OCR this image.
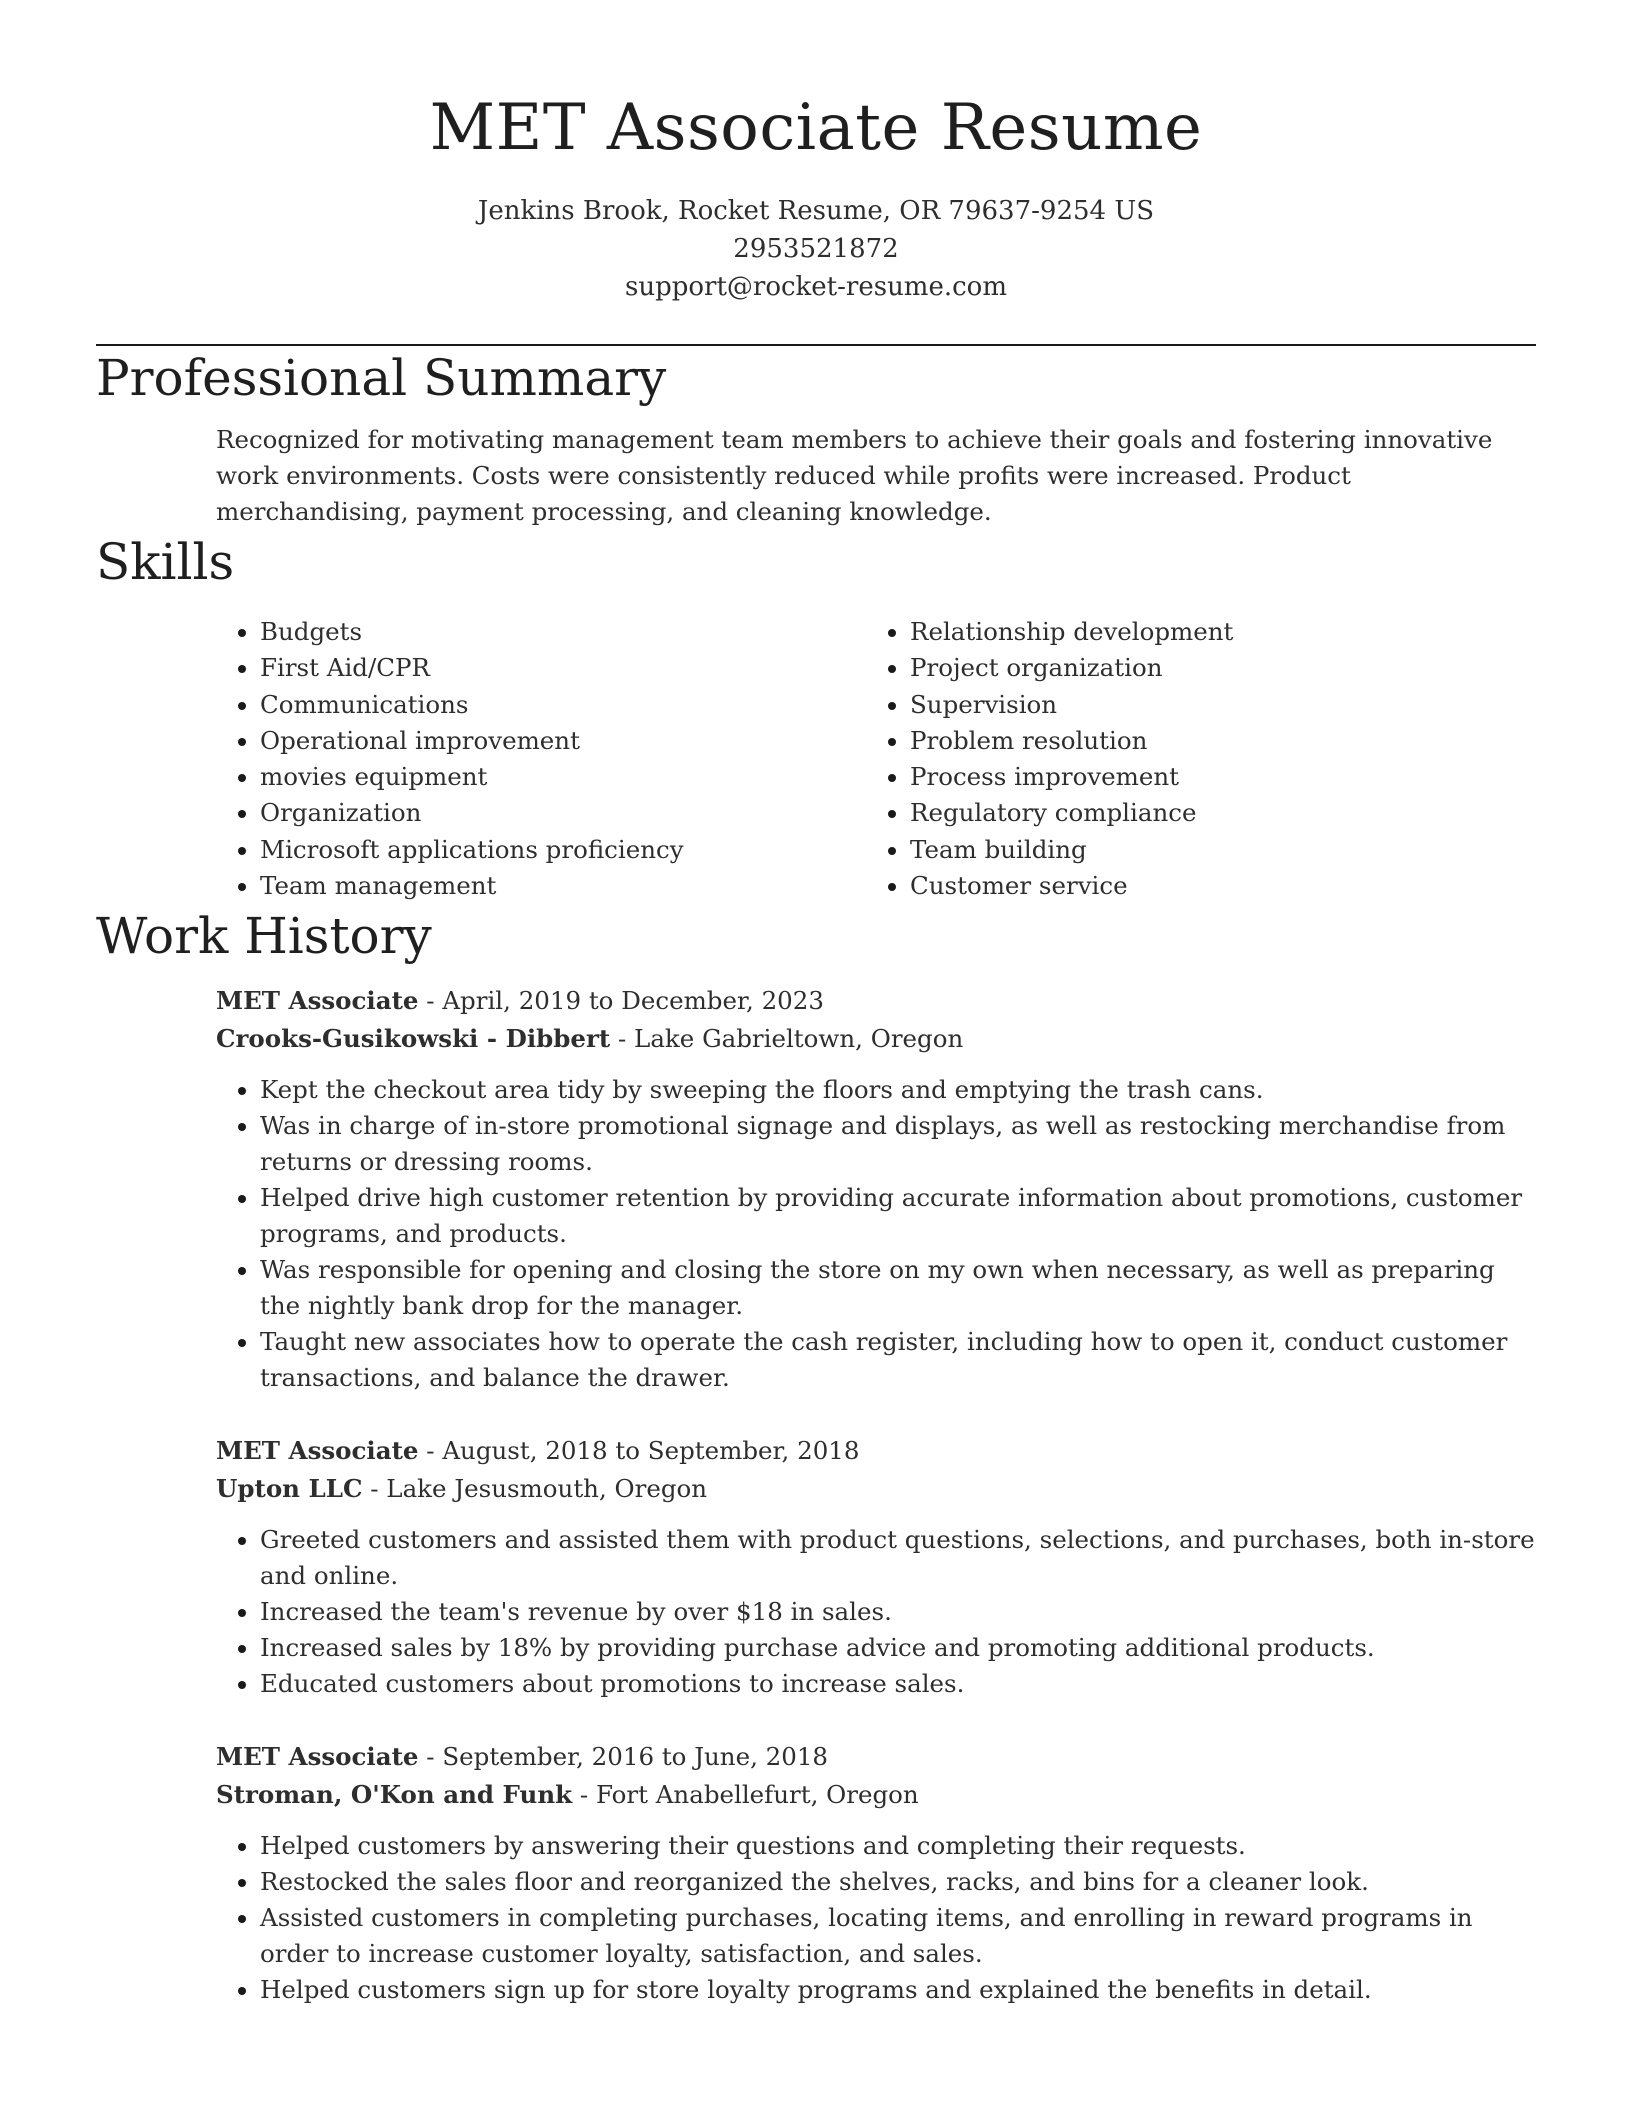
MET Associate Resume
Jenkins Brook, Rocket Resume, OR 79637-9254 US
2953521872
support@rocket-resume.com
Professional Summary
Recognized for motivating management team members to achieve their goals and fostering innovative work environments. Costs were consistently reduced while profits were increased. Product merchandising, payment processing, and cleaning knowledge.
Skills
• Budgets
• First Aid/CPR
• Communications
• Operational improvement
• movies equipment
• Organization
• Microsoft applications proficiency
• Team management
• Relationship development
• Project organization
• Supervision
• Problem resolution
• Process improvement
• Regulatory compliance
• Team building
• Customer service
Work History
MET Associate - April, 2019 to December, 2023
Crooks-Gusikowski - Dibbert - Lake Gabrieltown, Oregon
• Kept the checkout area tidy by sweeping the floors and emptying the trash cans.
• Was in charge of in-store promotional signage and displays, as well as restocking merchandise from returns or dressing rooms.
• Helped drive high customer retention by providing accurate information about promotions, customer programs, and products.
• Was responsible for opening and closing the store on my own when necessary, as well as preparing the nightly bank drop for the manager.
• Taught new associates how to operate the cash register, including how to open it, conduct customer transactions, and balance the drawer.
MET Associate - August, 2018 to September, 2018
Upton LLC - Lake Jesusmouth, Oregon
• Greeted customers and assisted them with product questions, selections, and purchases, both in-store and online.
• Increased the team's revenue by over $18 in sales.
• Increased sales by 18% by providing purchase advice and promoting additional products.
• Educated customers about promotions to increase sales.
MET Associate - September, 2016 to June, 2018
Stroman, O'Kon and Funk - Fort Anabellefurt, Oregon
• Helped customers by answering their questions and completing their requests.
• Restocked the sales floor and reorganized the shelves, racks, and bins for a cleaner look.
• Assisted customers in completing purchases, locating items, and enrolling in reward programs in order to increase customer loyalty, satisfaction, and sales.
• Helped customers sign up for store loyalty programs and explained the benefits in detail.
